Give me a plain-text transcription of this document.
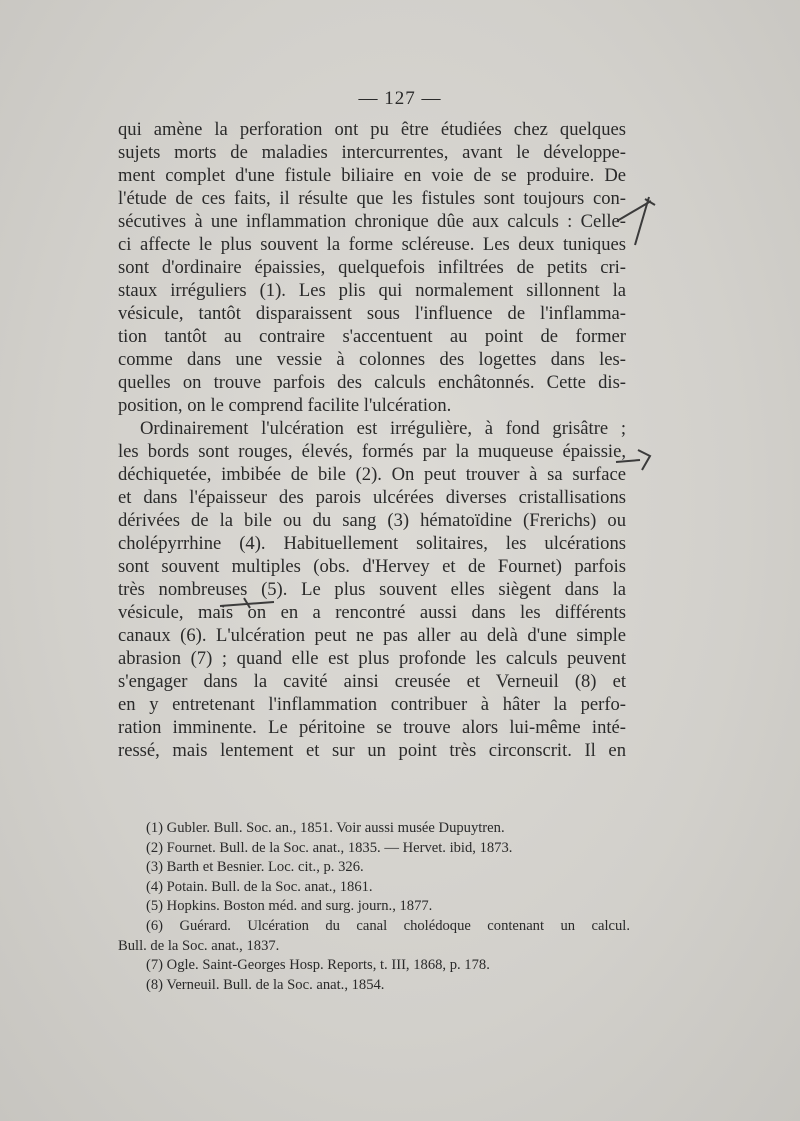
— 127 —
qui amène la perforation ont pu être étudiées chez quelques
sujets morts de maladies intercurrentes, avant le développe-
ment complet d'une fistule biliaire en voie de se produire. De
l'étude de ces faits, il résulte que les fistules sont toujours con-
sécutives à une inflammation chronique dûe aux calculs : Celle-
ci affecte le plus souvent la forme scléreuse. Les deux tuniques
sont d'ordinaire épaissies, quelquefois infiltrées de petits cri-
staux irréguliers (1). Les plis qui normalement sillonnent la
vésicule, tantôt disparaissent sous l'influence de l'inflamma-
tion tantôt au contraire s'accentuent au point de former
comme dans une vessie à colonnes des logettes dans les-
quelles on trouve parfois des calculs enchâtonnés. Cette dis-
position, on le comprend facilite l'ulcération.
Ordinairement l'ulcération est irrégulière, à fond grisâtre ;
les bords sont rouges, élevés, formés par la muqueuse épaissie,
déchiquetée, imbibée de bile (2). On peut trouver à sa surface
et dans l'épaisseur des parois ulcérées diverses cristallisations
dérivées de la bile ou du sang (3) hématoïdine (Frerichs) ou
cholépyrrhine (4). Habituellement solitaires, les ulcérations
sont souvent multiples (obs. d'Hervey et de Fournet) parfois
très nombreuses (5). Le plus souvent elles siègent dans la
vésicule, mais on en a rencontré aussi dans les différents
canaux (6). L'ulcération peut ne pas aller au delà d'une simple
abrasion (7) ; quand elle est plus profonde les calculs peuvent
s'engager dans la cavité ainsi creusée et Verneuil (8) et
en y entretenant l'inflammation contribuer à hâter la perfo-
ration imminente. Le péritoine se trouve alors lui-même inté-
ressé, mais lentement et sur un point très circonscrit. Il en
(1) Gubler. Bull. Soc. an., 1851. Voir aussi musée Dupuytren.
(2) Fournet. Bull. de la Soc. anat., 1835. — Hervet. ibid, 1873.
(3) Barth et Besnier. Loc. cit., p. 326.
(4) Potain. Bull. de la Soc. anat., 1861.
(5) Hopkins. Boston méd. and surg. journ., 1877.
(6) Guérard. Ulcération du canal cholédoque contenant un calcul.
Bull. de la Soc. anat., 1837.
(7) Ogle. Saint-Georges Hosp. Reports, t. III, 1868, p. 178.
(8) Verneuil. Bull. de la Soc. anat., 1854.
